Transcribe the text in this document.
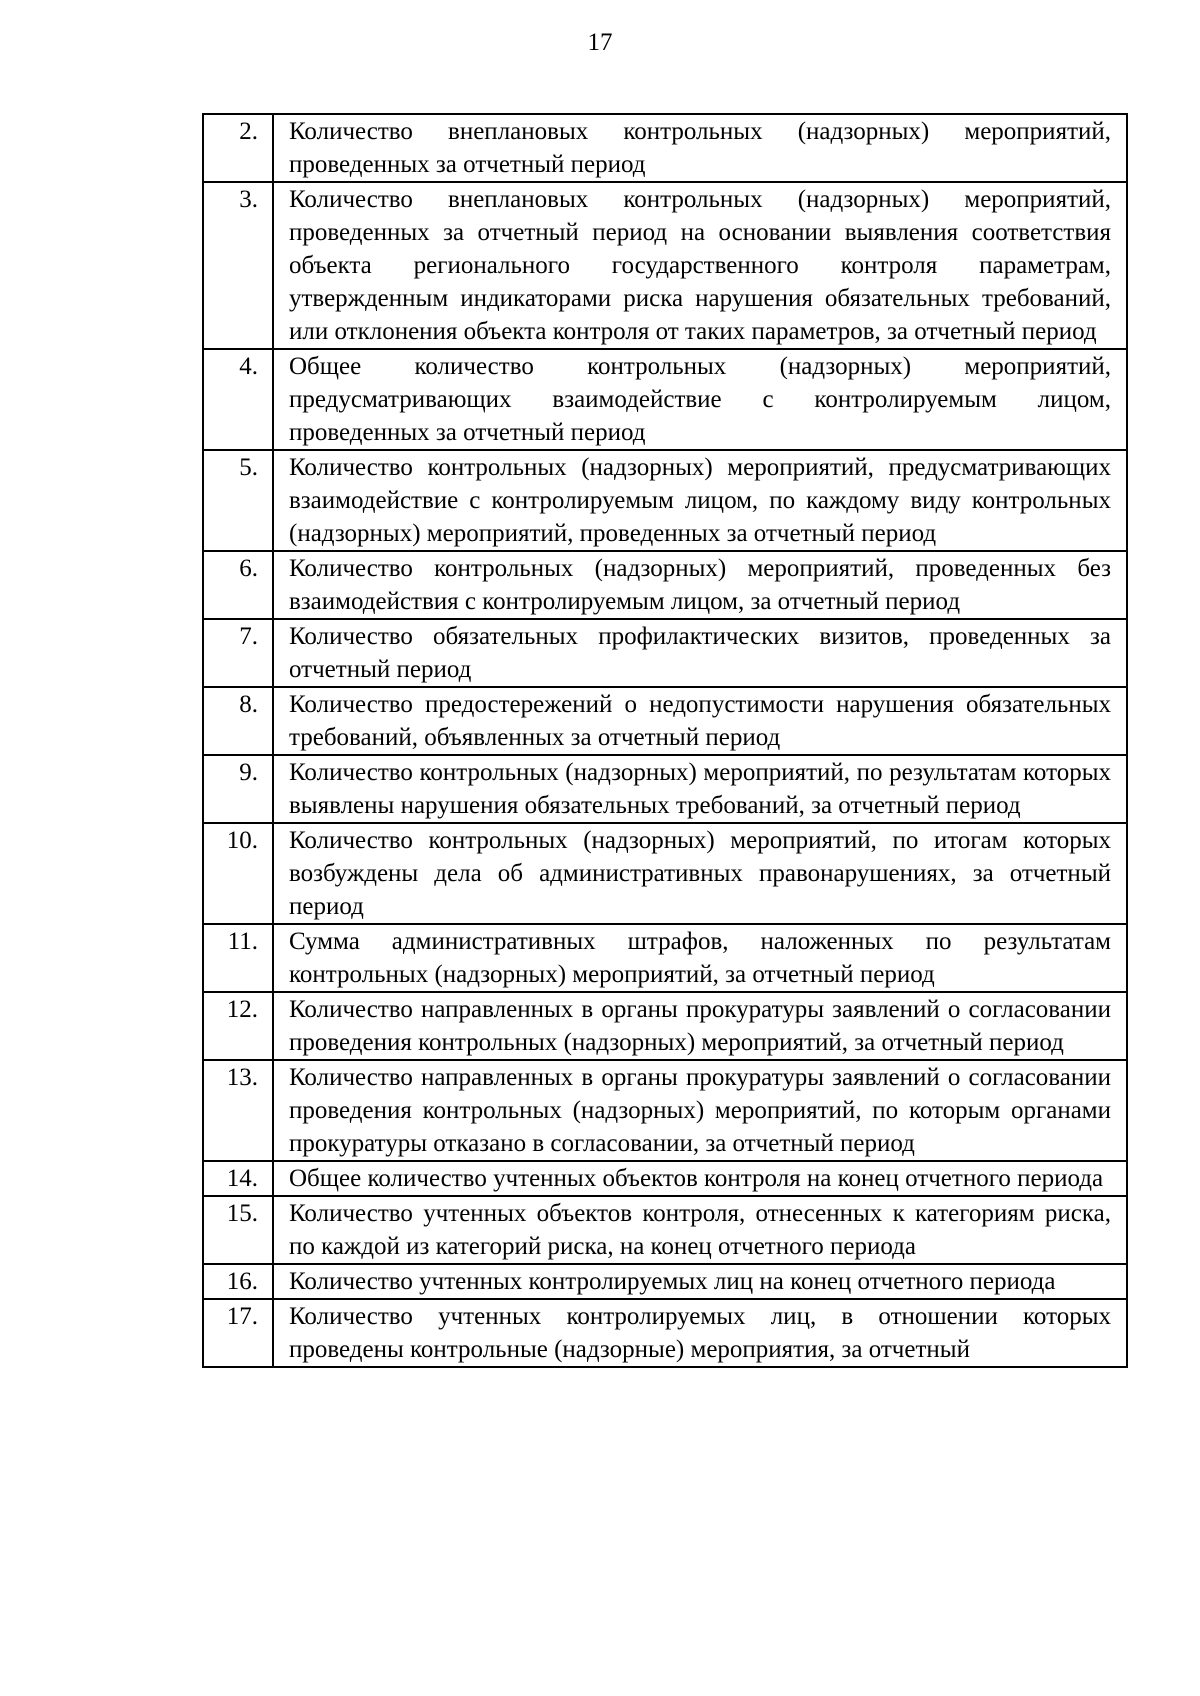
17
2.	Количество внеплановых контрольных (надзорных) мероприятий, проведенных за отчетный период
3.	Количество внеплановых контрольных (надзорных) мероприятий, проведенных за отчетный период на основании выявления соответствия объекта регионального государственного контроля параметрам, утвержденным индикаторами риска нарушения обязательных требований, или отклонения объекта контроля от таких параметров, за отчетный период
4.	Общее количество контрольных (надзорных) мероприятий, предусматривающих взаимодействие с контролируемым лицом, проведенных за отчетный период
5.	Количество контрольных (надзорных) мероприятий, предусматривающих взаимодействие с контролируемым лицом, по каждому виду контрольных (надзорных) мероприятий, проведенных за отчетный период
6.	Количество контрольных (надзорных) мероприятий, проведенных без взаимодействия с контролируемым лицом, за отчетный период
7.	Количество обязательных профилактических визитов, проведенных за отчетный период
8.	Количество предостережений о недопустимости нарушения обязательных требований, объявленных за отчетный период
9.	Количество контрольных (надзорных) мероприятий, по результатам которых выявлены нарушения обязательных требований, за отчетный период
10.	Количество контрольных (надзорных) мероприятий, по итогам которых возбуждены дела об административных правонарушениях, за отчетный период
11.	Сумма административных штрафов, наложенных по результатам контрольных (надзорных) мероприятий, за отчетный период
12.	Количество направленных в органы прокуратуры заявлений о согласовании проведения контрольных (надзорных) мероприятий, за отчетный период
13.	Количество направленных в органы прокуратуры заявлений о согласовании проведения контрольных (надзорных) мероприятий, по которым органами прокуратуры отказано в согласовании, за отчетный период
14.	Общее количество учтенных объектов контроля на конец отчетного периода
15.	Количество учтенных объектов контроля, отнесенных к категориям риска, по каждой из категорий риска, на конец отчетного периода
16.	Количество учтенных контролируемых лиц на конец отчетного периода
17.	Количество учтенных контролируемых лиц, в отношении которых проведены контрольные (надзорные) мероприятия, за отчетный
